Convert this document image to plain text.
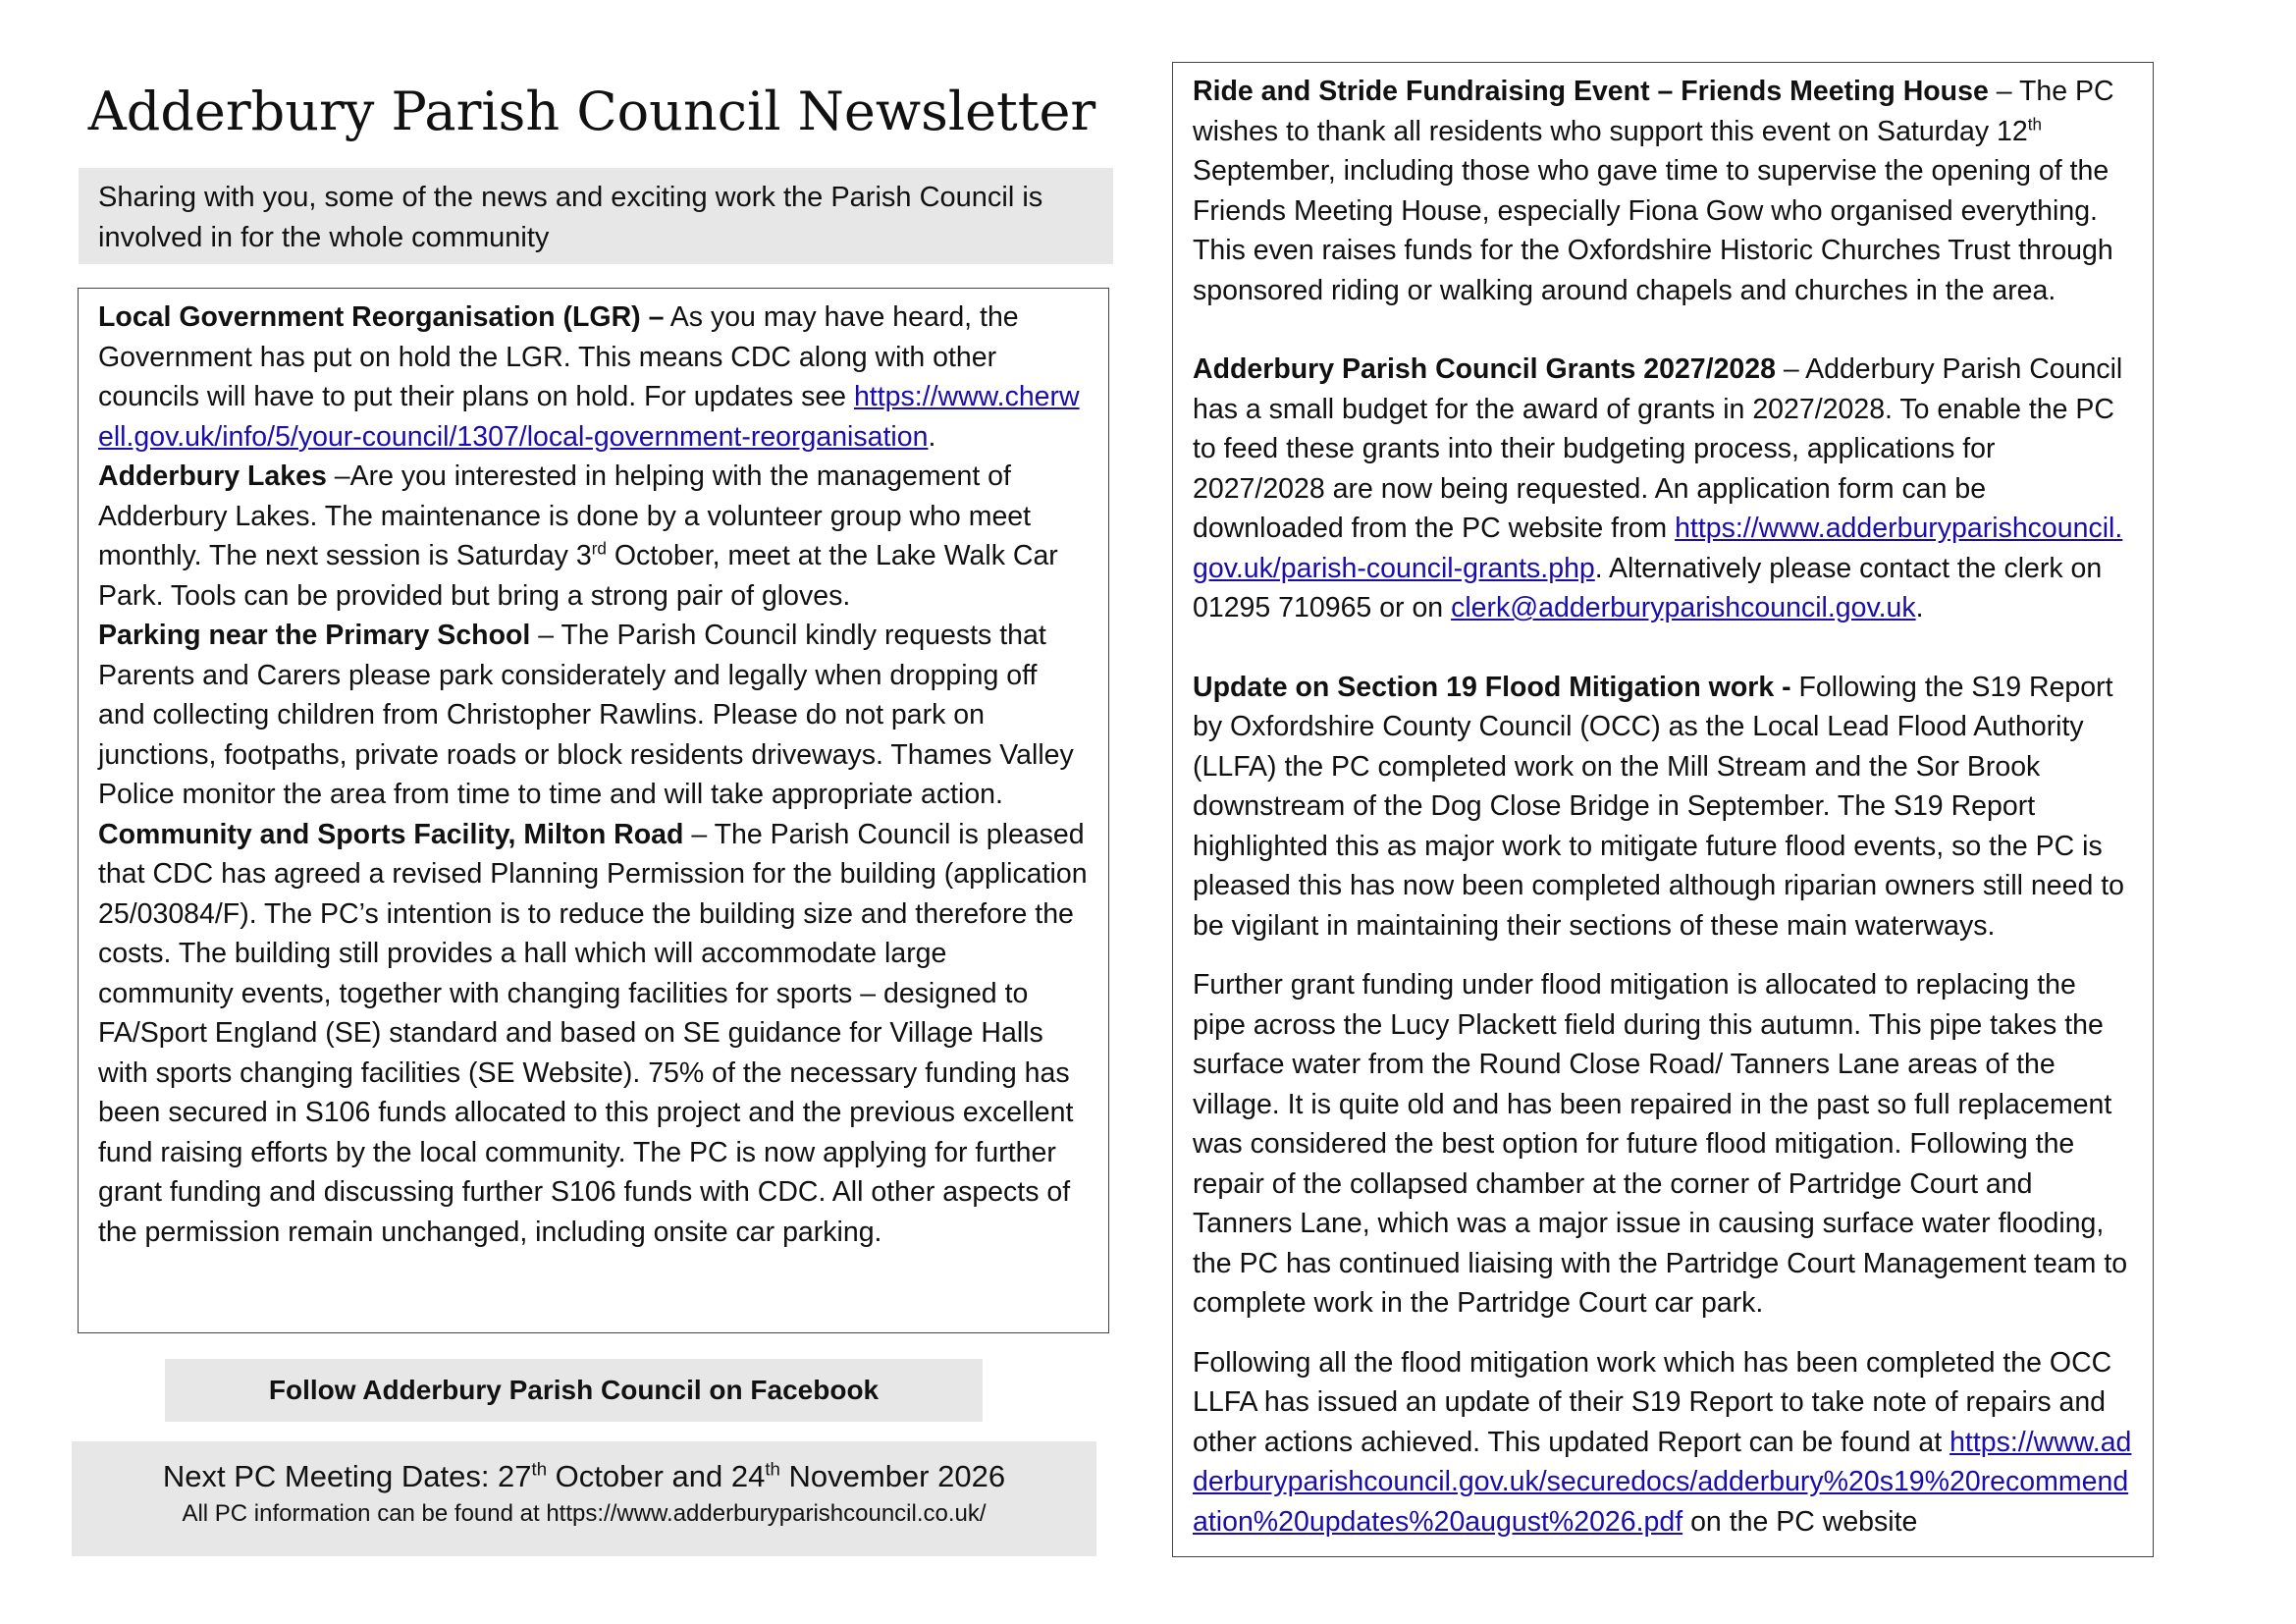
Adderbury Parish Council Newsletter
Sharing with you, some of the news and exciting work the Parish Council is involved in for the whole community

Local Government Reorganisation (LGR) – As you may have heard, the Government has put on hold the LGR. This means CDC along with other councils will have to put their plans on hold. For updates see https://www.cherwell.gov.uk/info/5/your-council/1307/local-government-reorganisation.

Adderbury Lakes –Are you interested in helping with the management of Adderbury Lakes. The maintenance is done by a volunteer group who meet monthly. The next session is Saturday 3rd October, meet at the Lake Walk Car Park. Tools can be provided but bring a strong pair of gloves.

Parking near the Primary School – The Parish Council kindly requests that Parents and Carers please park considerately and legally when dropping off and collecting children from Christopher Rawlins. Please do not park on junctions, footpaths, private roads or block residents driveways. Thames Valley Police monitor the area from time to time and will take appropriate action.

Community and Sports Facility, Milton Road – The Parish Council is pleased that CDC has agreed a revised Planning Permission for the building (application 25/03084/F). The PC’s intention is to reduce the building size and therefore the costs. The building still provides a hall which will accommodate large community events, together with changing facilities for sports – designed to FA/Sport England (SE) standard and based on SE guidance for Village Halls with sports changing facilities (SE Website). 75% of the necessary funding has been secured in S106 funds allocated to this project and the previous excellent fund raising efforts by the local community. The PC is now applying for further grant funding and discussing further S106 funds with CDC. All other aspects of the permission remain unchanged, including onsite car parking.

Follow Adderbury Parish Council on Facebook
Next PC Meeting Dates: 27th October and 24th November 2026
All PC information can be found at https://www.adderburyparishcouncil.co.uk/

Ride and Stride Fundraising Event – Friends Meeting House – The PC wishes to thank all residents who support this event on Saturday 12th September, including those who gave time to supervise the opening of the Friends Meeting House, especially Fiona Gow who organised everything. This even raises funds for the Oxfordshire Historic Churches Trust through sponsored riding or walking around chapels and churches in the area.

Adderbury Parish Council Grants 2027/2028 – Adderbury Parish Council has a small budget for the award of grants in 2027/2028. To enable the PC to feed these grants into their budgeting process, applications for 2027/2028 are now being requested. An application form can be downloaded from the PC website from https://www.adderburyparishcouncil.gov.uk/parish-council-grants.php. Alternatively please contact the clerk on 01295 710965 or on clerk@adderburyparishcouncil.gov.uk.

Update on Section 19 Flood Mitigation work - Following the S19 Report by Oxfordshire County Council (OCC) as the Local Lead Flood Authority (LLFA) the PC completed work on the Mill Stream and the Sor Brook downstream of the Dog Close Bridge in September. The S19 Report highlighted this as major work to mitigate future flood events, so the PC is pleased this has now been completed although riparian owners still need to be vigilant in maintaining their sections of these main waterways.

Further grant funding under flood mitigation is allocated to replacing the pipe across the Lucy Plackett field during this autumn. This pipe takes the surface water from the Round Close Road/ Tanners Lane areas of the village. It is quite old and has been repaired in the past so full replacement was considered the best option for future flood mitigation. Following the repair of the collapsed chamber at the corner of Partridge Court and Tanners Lane, which was a major issue in causing surface water flooding, the PC has continued liaising with the Partridge Court Management team to complete work in the Partridge Court car park.

Following all the flood mitigation work which has been completed the OCC LLFA has issued an update of their S19 Report to take note of repairs and other actions achieved. This updated Report can be found at https://www.adderburyparishcouncil.gov.uk/securedocs/adderbury%20s19%20recommendation%20updates%20august%2026.pdf on the PC website
